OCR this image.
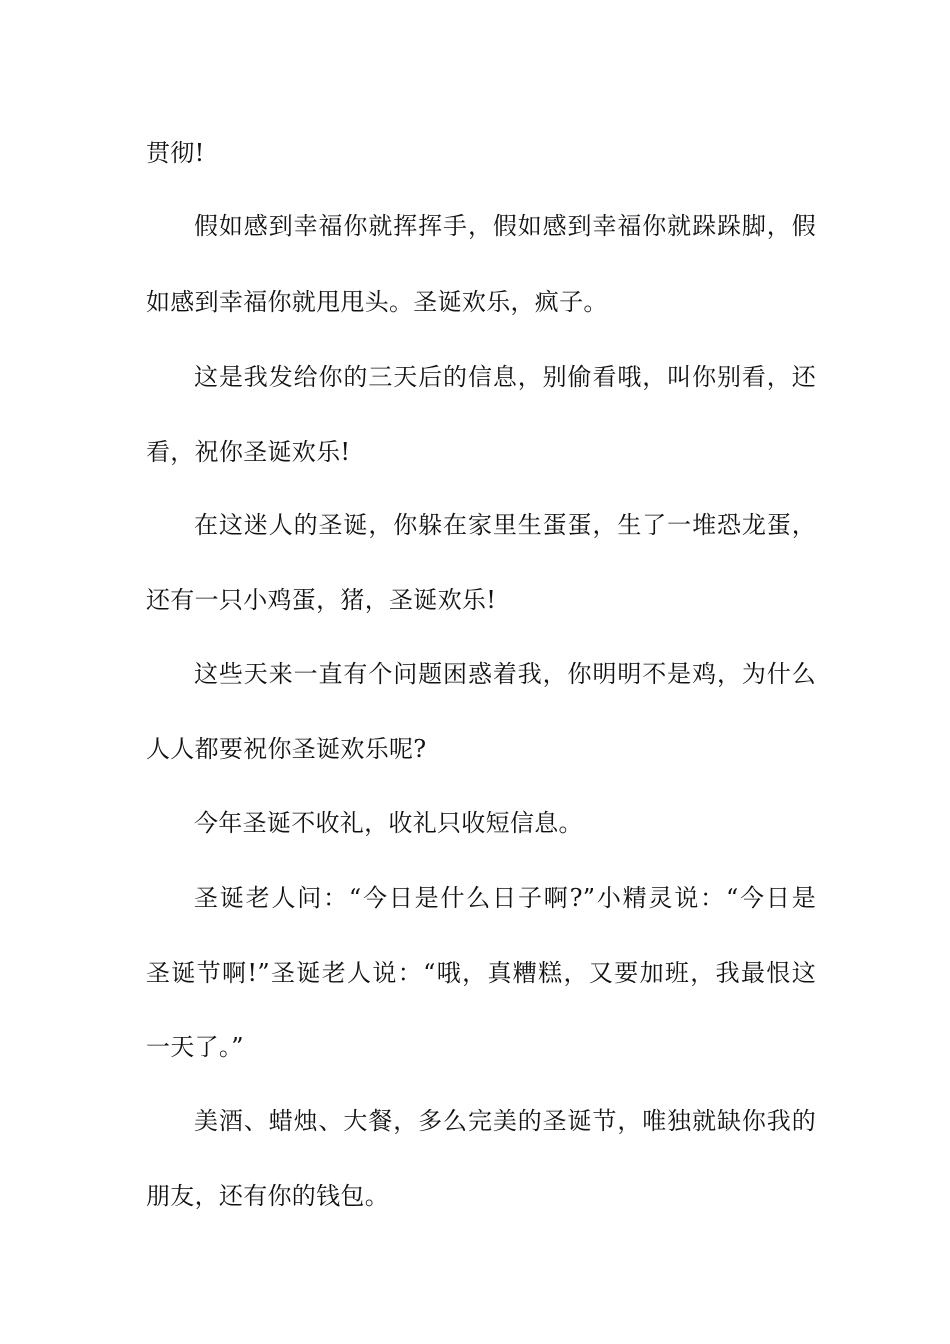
贯彻!
假如感到幸福你就挥挥手，假如感到幸福你就跺跺脚，假
如感到幸福你就甩甩头。圣诞欢乐，疯子。
这是我发给你的三天后的信息，别偷看哦，叫你别看，还
看，祝你圣诞欢乐!
在这迷人的圣诞，你躲在家里生蛋蛋，生了一堆恐龙蛋，
还有一只小鸡蛋，猪，圣诞欢乐!
这些天来一直有个问题困惑着我，你明明不是鸡，为什么
人人都要祝你圣诞欢乐呢?
今年圣诞不收礼，收礼只收短信息。
圣诞老人问：“今日是什么日子啊?”小精灵说：“今日是
圣诞节啊!”圣诞老人说：“哦，真糟糕，又要加班，我最恨这
一天了。”
美酒、蜡烛、大餐，多么完美的圣诞节，唯独就缺你我的
朋友，还有你的钱包。
